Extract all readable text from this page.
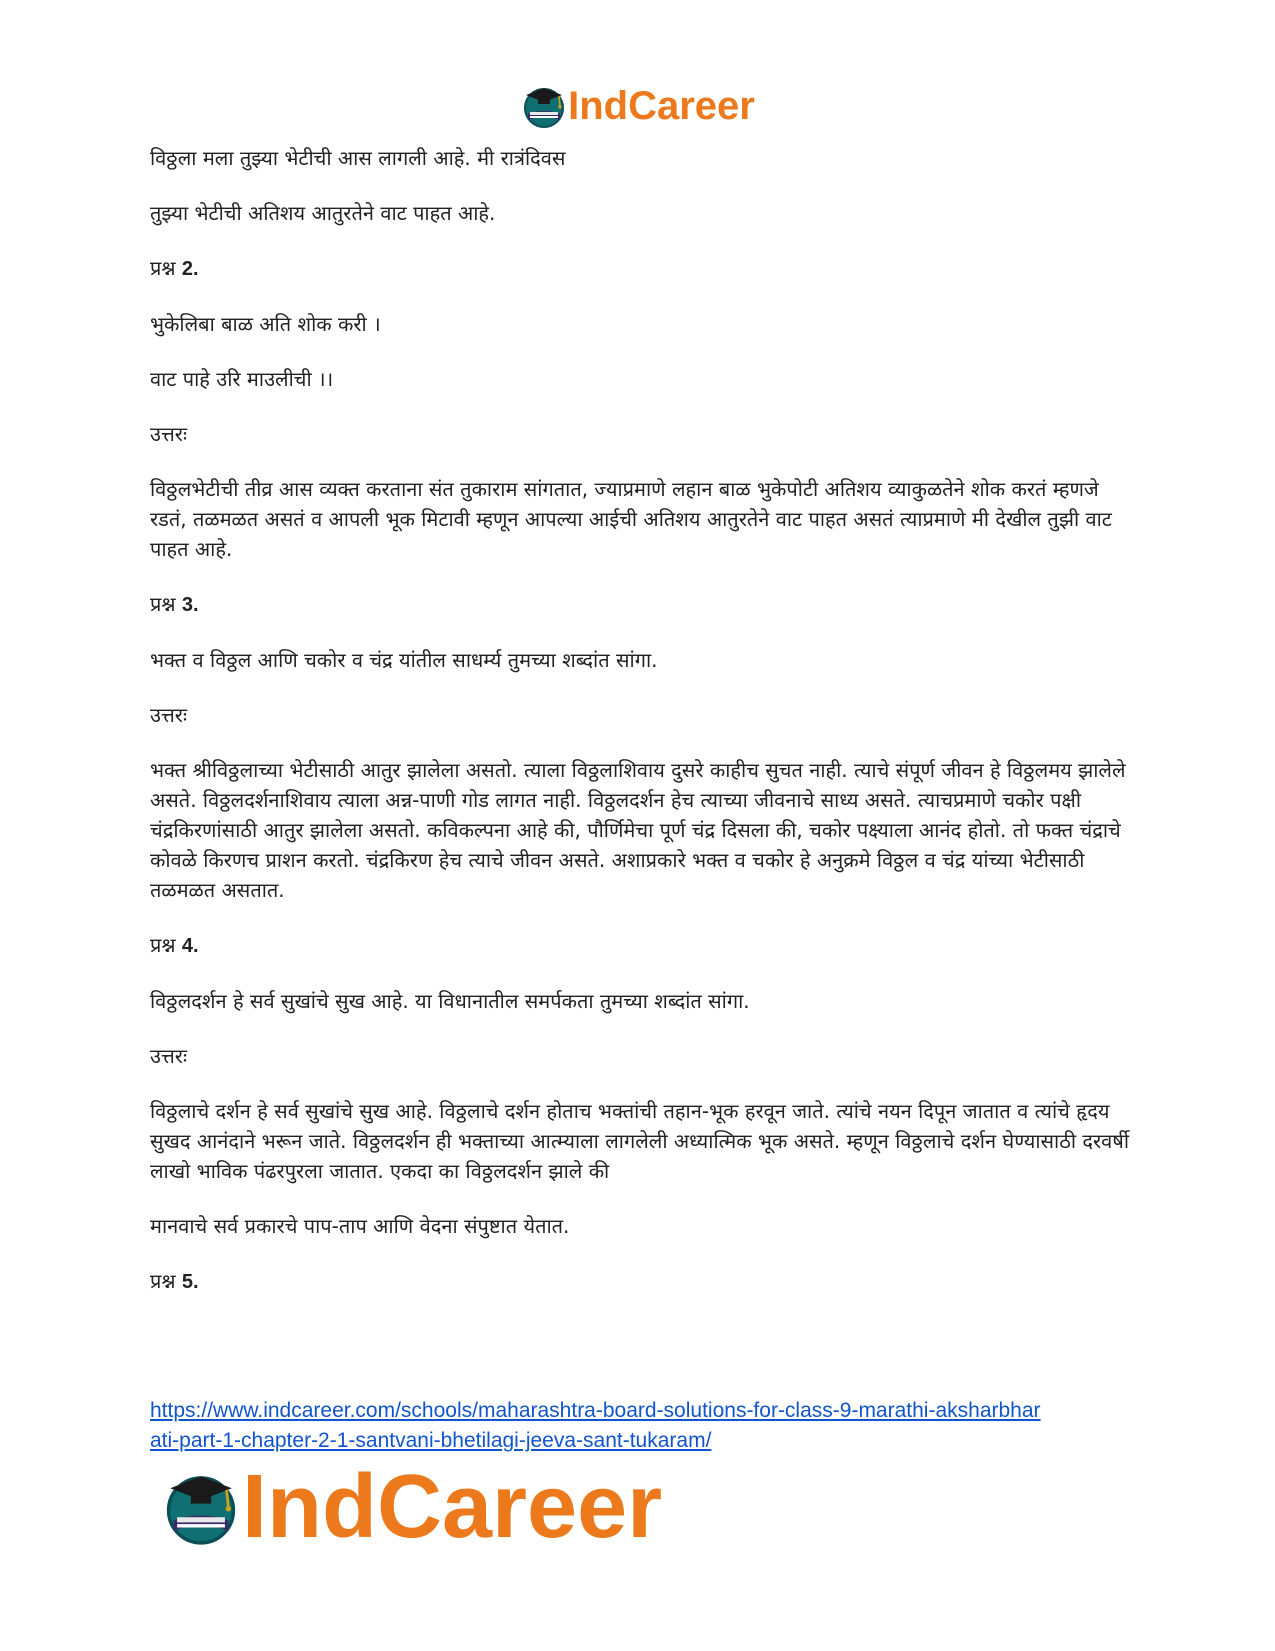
IndCareer

विठ्ठला मला तुझ्या भेटीची आस लागली आहे. मी रात्रंदिवस

तुझ्या भेटीची अतिशय आतुरतेने वाट पाहत आहे.

प्रश्न 2.

भुकेलिबा बाळ अति शोक करी ।

वाट पाहे उरि माउलीची ।।

उत्तरः

विठ्ठलभेटीची तीव्र आस व्यक्त करताना संत तुकाराम सांगतात, ज्याप्रमाणे लहान बाळ भुकेपोटी अतिशय व्याकुळतेने शोक करतं म्हणजे रडतं, तळमळत असतं व आपली भूक मिटावी म्हणून आपल्या आईची अतिशय आतुरतेने वाट पाहत असतं त्याप्रमाणे मी देखील तुझी वाट पाहत आहे.

प्रश्न 3.

भक्त व विठ्ठल आणि चकोर व चंद्र यांतील साधर्म्य तुमच्या शब्दांत सांगा.

उत्तरः

भक्त श्रीविठ्ठलाच्या भेटीसाठी आतुर झालेला असतो. त्याला विठ्ठलाशिवाय दुसरे काहीच सुचत नाही. त्याचे संपूर्ण जीवन हे विठ्ठलमय झालेले असते. विठ्ठलदर्शनाशिवाय त्याला अन्न-पाणी गोड लागत नाही. विठ्ठलदर्शन हेच त्याच्या जीवनाचे साध्य असते. त्याचप्रमाणे चकोर पक्षी चंद्रकिरणांसाठी आतुर झालेला असतो. कविकल्पना आहे की, पौर्णिमेचा पूर्ण चंद्र दिसला की, चकोर पक्ष्याला आनंद होतो. तो फक्त चंद्राचे कोवळे किरणच प्राशन करतो. चंद्रकिरण हेच त्याचे जीवन असते. अशाप्रकारे भक्त व चकोर हे अनुक्रमे विठ्ठल व चंद्र यांच्या भेटीसाठी तळमळत असतात.

प्रश्न 4.

विठ्ठलदर्शन हे सर्व सुखांचे सुख आहे. या विधानातील समर्पकता तुमच्या शब्दांत सांगा.

उत्तरः

विठ्ठलाचे दर्शन हे सर्व सुखांचे सुख आहे. विठ्ठलाचे दर्शन होताच भक्तांची तहान-भूक हरवून जाते. त्यांचे नयन दिपून जातात व त्यांचे हृदय सुखद आनंदाने भरून जाते. विठ्ठलदर्शन ही भक्ताच्या आत्म्याला लागलेली अध्यात्मिक भूक असते. म्हणून विठ्ठलाचे दर्शन घेण्यासाठी दरवर्षी लाखो भाविक पंढरपुरला जातात. एकदा का विठ्ठलदर्शन झाले की

मानवाचे सर्व प्रकारचे पाप-ताप आणि वेदना संपुष्टात येतात.

प्रश्न 5.

https://www.indcareer.com/schools/maharashtra-board-solutions-for-class-9-marathi-aksharbhar
ati-part-1-chapter-2-1-santvani-bhetilagi-jeeva-sant-tukaram/
IndCareer
